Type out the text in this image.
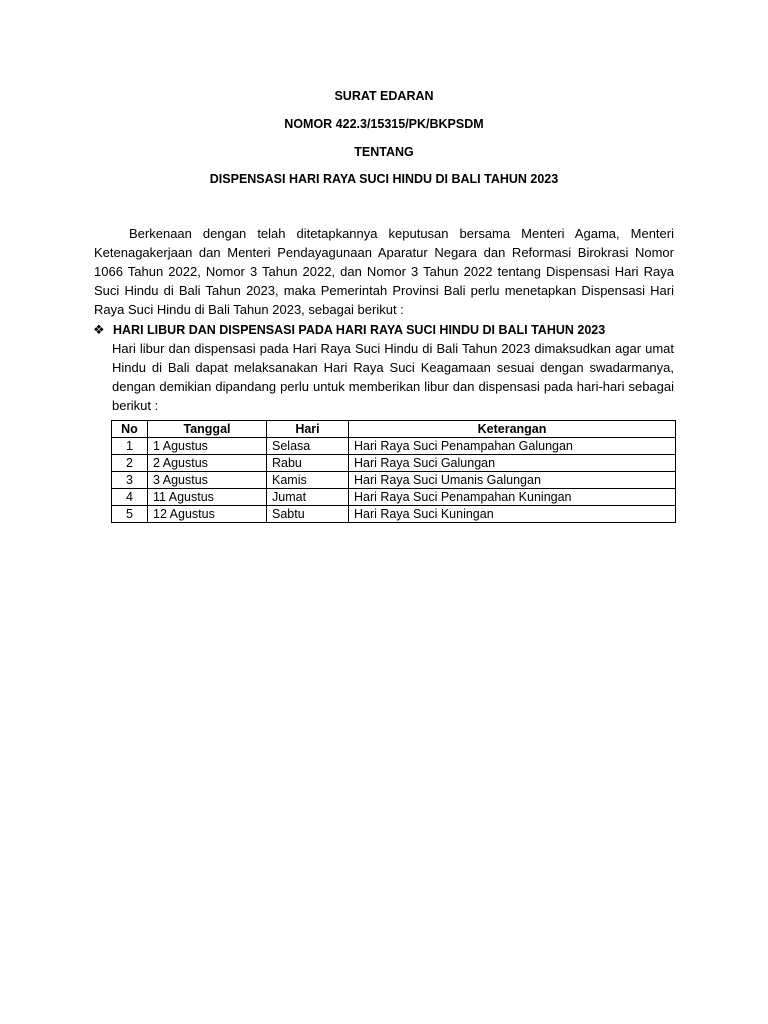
SURAT EDARAN
NOMOR 422.3/15315/PK/BKPSDM
TENTANG
DISPENSASI HARI RAYA SUCI HINDU DI BALI TAHUN 2023

Berkenaan dengan telah ditetapkannya keputusan bersama Menteri Agama, Menteri Ketenagakerjaan dan Menteri Pendayagunaan Aparatur Negara dan Reformasi Birokrasi Nomor 1066 Tahun 2022, Nomor 3 Tahun 2022, dan Nomor 3 Tahun 2022 tentang Dispensasi Hari Raya Suci Hindu di Bali Tahun 2023, maka Pemerintah Provinsi Bali perlu menetapkan Dispensasi Hari Raya Suci Hindu di Bali Tahun 2023, sebagai berikut :

❖ HARI LIBUR DAN DISPENSASI PADA HARI RAYA SUCI HINDU DI BALI TAHUN 2023

Hari libur dan dispensasi pada Hari Raya Suci Hindu di Bali Tahun 2023 dimaksudkan agar umat Hindu di Bali dapat melaksanakan Hari Raya Suci Keagamaan sesuai dengan swadarmanya, dengan demikian dipandang perlu untuk memberikan libur dan dispensasi pada hari-hari sebagai berikut :

No	Tanggal	Hari	Keterangan
1	1 Agustus	Selasa	Hari Raya Suci Penampahan Galungan
2	2 Agustus	Rabu	Hari Raya Suci Galungan
3	3 Agustus	Kamis	Hari Raya Suci Umanis Galungan
4	11 Agustus	Jumat	Hari Raya Suci Penampahan Kuningan
5	12 Agustus	Sabtu	Hari Raya Suci Kuningan
